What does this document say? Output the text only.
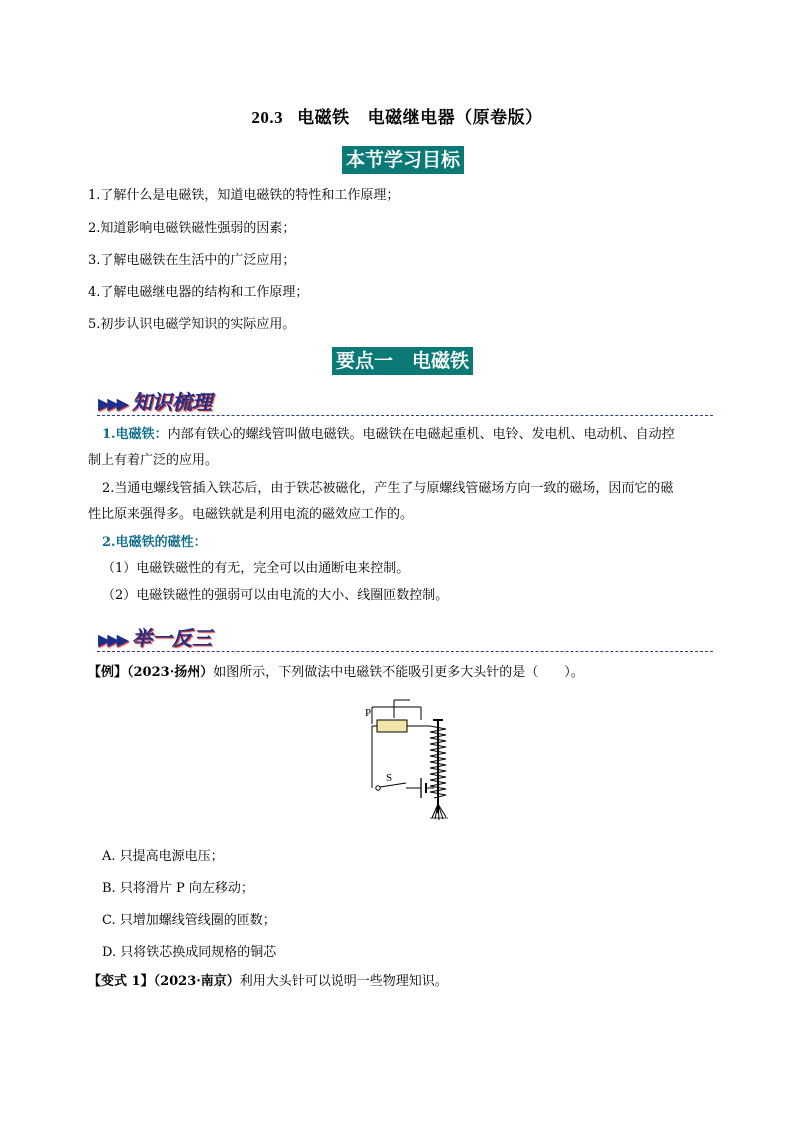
20.3 电磁铁 电磁继电器（原卷版）
本节学习目标
1.了解什么是电磁铁，知道电磁铁的特性和工作原理；
2.知道影响电磁铁磁性强弱的因素；
3.了解电磁铁在生活中的广泛应用；
4.了解电磁继电器的结构和工作原理；
5.初步认识电磁学知识的实际应用。
要点一　电磁铁
▶▶▶ 知识梳理
1.电磁铁：内部有铁心的螺线管叫做电磁铁。电磁铁在电磁起重机、电铃、发电机、电动机、自动控
制上有着广泛的应用。
2.当通电螺线管插入铁芯后，由于铁芯被磁化，产生了与原螺线管磁场方向一致的磁场，因而它的磁
性比原来强得多。电磁铁就是利用电流的磁效应工作的。
2.电磁铁的磁性：
（1）电磁铁磁性的有无，完全可以由通断电来控制。
（2）电磁铁磁性的强弱可以由电流的大小、线圈匝数控制。
▶▶▶ 举一反三
【例】（2023·扬州）如图所示，下列做法中电磁铁不能吸引更多大头针的是（　　）。
P
S
A. 只提高电源电压；
B. 只将滑片 P 向左移动；
C. 只增加螺线管线圈的匝数；
D. 只将铁芯换成同规格的铜芯
【变式 1】（2023·南京）利用大头针可以说明一些物理知识。
